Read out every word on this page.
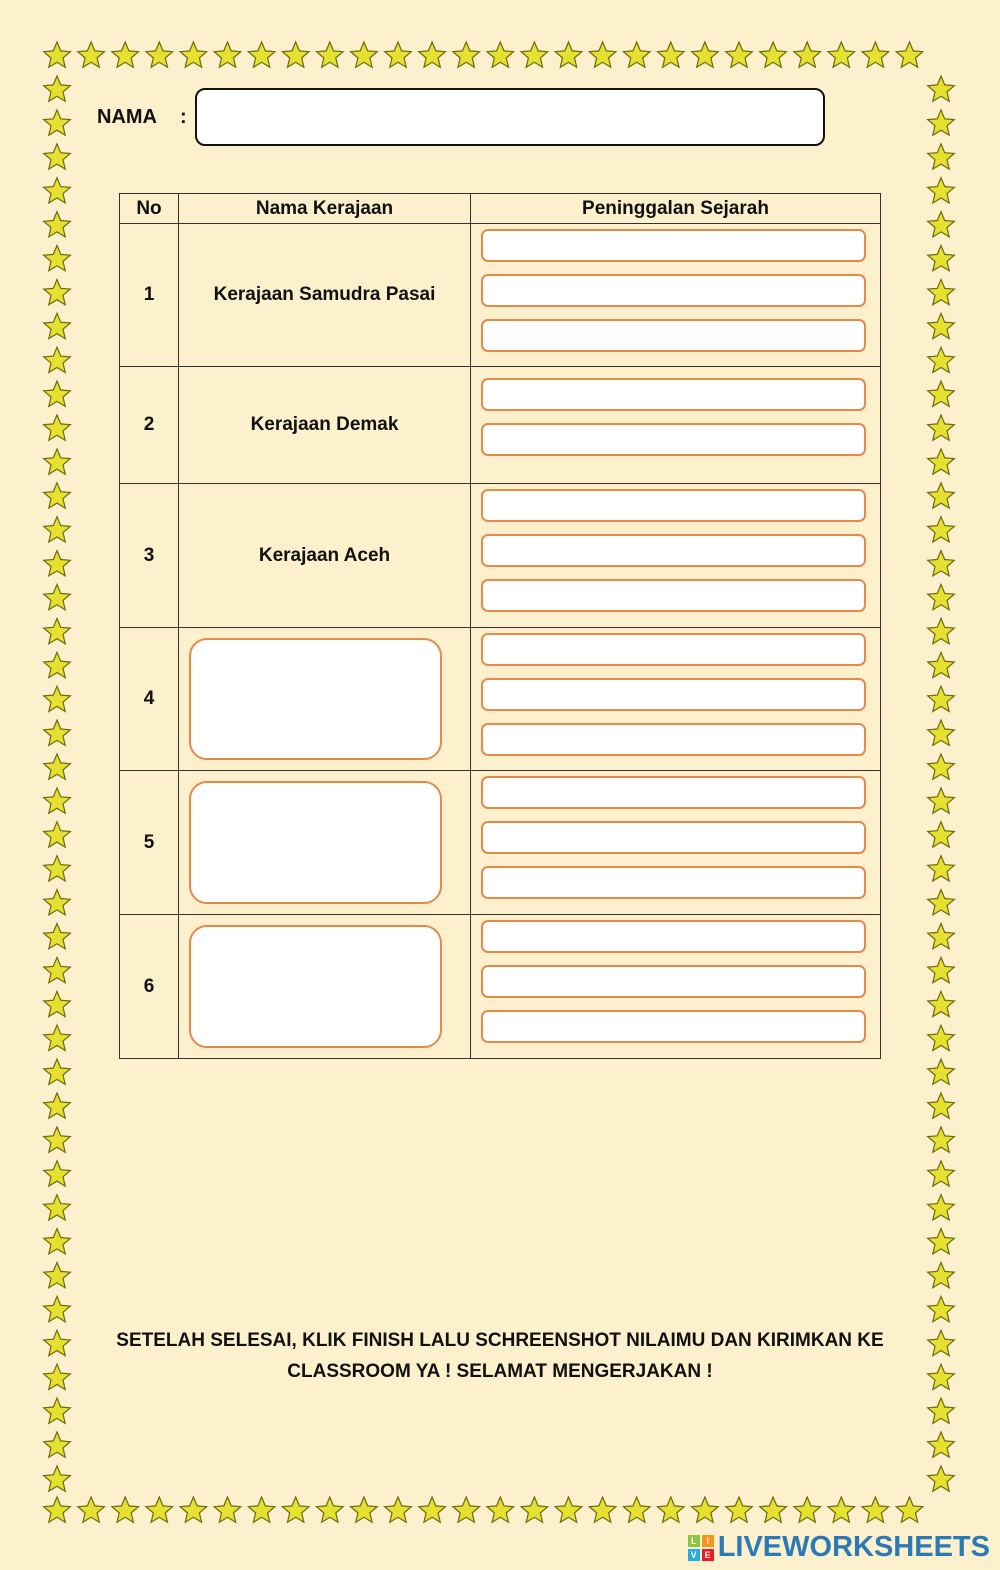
NAMA :
No	Nama Kerajaan	Peninggalan Sejarah
1	Kerajaan Samudra Pasai	

2	Kerajaan Demak	

3	Kerajaan Aceh	

4	

5	

6	

SETELAH SELESAI, KLIK FINISH LALU SCHREENSHOT NILAIMU DAN KIRIMKAN KE
CLASSROOM YA ! SELAMAT MENGERJAKAN !
L	I
V E LIVEWORKSHEETS
